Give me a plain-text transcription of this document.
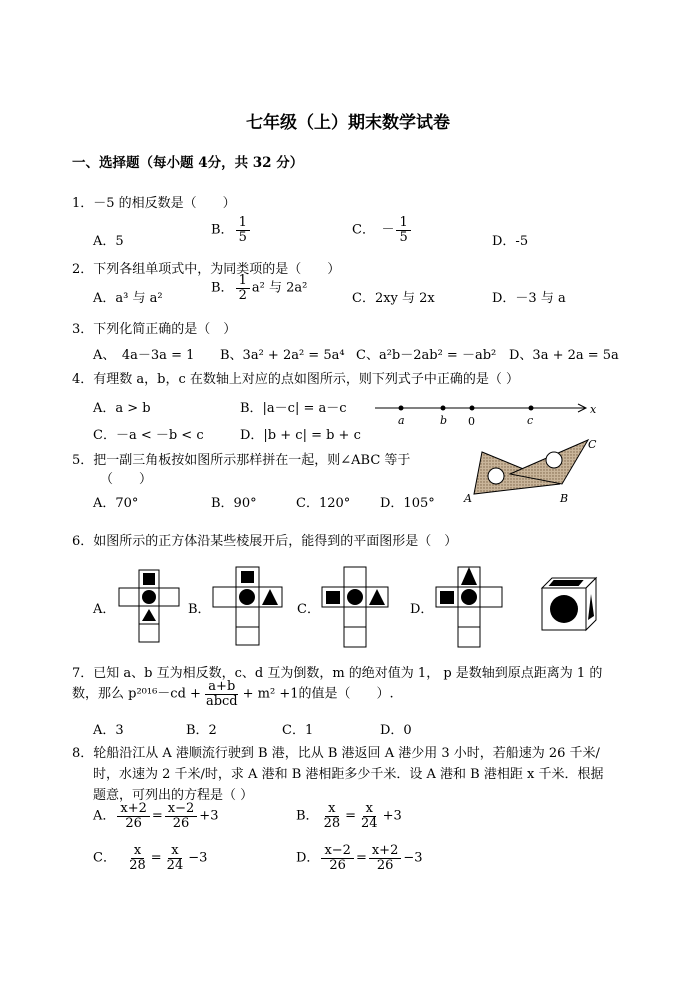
七年级（上）期末数学试卷
一、选择题（每小题 4分，共 32 分）
1．－5 的相反数是（　　）
A．5
B． $\frac{1}{5}$	C．　－ $\frac{1}{5}$	D．-5
2．下列各组单项式中，为同类项的是（　　）
A．a³ 与 a²
B． $\frac{1}{2} a^2$ 与 2a²
C．2xy 与 2x	D．－3 与 a
3．下列化简正确的是（　）
A、　4a－3a = 1 B、3a² + 2a² = 5a⁴ C、a²b－2ab² = －ab² D、3a + 2a = 5a
4．有理数 a，b，c 在数轴上对应的点如图所示，则下列式子中正确的是（ ）
A．a > b	B．|a－c| = a－c
C．－a < －b < c	D．|b + c| = b + c
a	b 0	c
x
5．把一副三角板按如图所示那样拼在一起，则∠ABC 等于
（　　）
A．70°	B．90°	C．120° D．105°	A	B
C
6．如图所示的正方体沿某些棱展开后，能得到的平面图形是（　）
A．	B．	C．	D．
7．已知 a、b 互为相反数，c、d 互为倒数，m 的绝对值为 1， p 是数轴到原点距离为 1 的
数，那么 $p^{2016}-cd + \frac{a+b}{\text{abcd}} + m^2 +1$的值是（　　）.
A．3	B．2	C．1	D．0
8．轮船沿江从 A 港顺流行驶到 B 港，比从 B 港返回 A 港少用 3 小时，若船速为 26 千米/
时，水速为 2 千米/时，求 A 港和 B 港相距多少千米．设 A 港和 B 港相距 x 千米．根据
题意，可列出的方程是（ ）
A． $\frac{x+2}{26} = \frac{x-2}{26} +3$	B． $\frac{x}{28} = \frac{x}{24} +3$
C． $\frac{x}{28} = \frac{x}{24} -3$	D． $\frac{x-2}{26} = \frac{x+2}{26} -3$
